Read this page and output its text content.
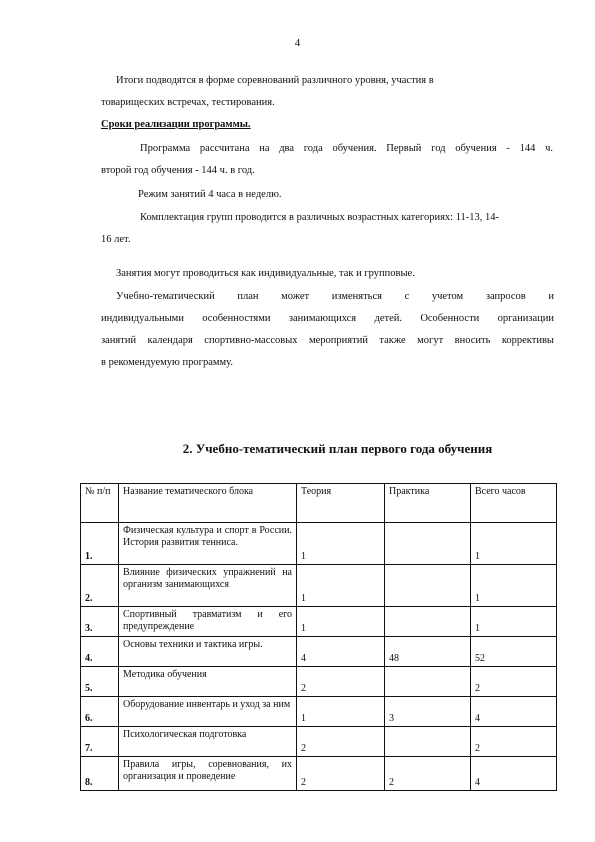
4
Итоги подводятся в форме соревнований различного уровня, участия в
товарищеских встречах, тестирования.
Сроки реализации программы.
Программа рассчитана на два года обучения. Первый год обучения - 144 ч.
второй год обучения - 144 ч. в год.
Режим занятий 4 часа в неделю.
Комплектация групп проводится в различных возрастных категориях: 11-13, 14-
16 лет.
Занятия могут проводиться как индивидуальные, так и групповые.
Учебно-тематический план может изменяться с учетом запросов и
индивидуальными особенностями занимающихся детей. Особенности организации
занятий календаря спортивно-массовых мероприятий также могут вносить коррективы
в рекомендуемую программу.
2. Учебно-тематический план первого года обучения
№ п/п	Название тематического блока	Теория	Практика	Всего часов
1.	Физическая культура и спорт в России. История развития тенниса.	1		1
2.	Влияние физических упражнений на организм занимающихся	1		1
3.	Спортивный травматизм и его предупреждение	1		1
4.	Основы техники и тактика игры.	4	48	52
5.	Методика обучения	2		2
6.	Оборудование инвентарь и уход за ним	1	3	4
7.	Психологическая подготовка	2		2
8.	Правила игры, соревнования, их организация и проведение	2	2	4
